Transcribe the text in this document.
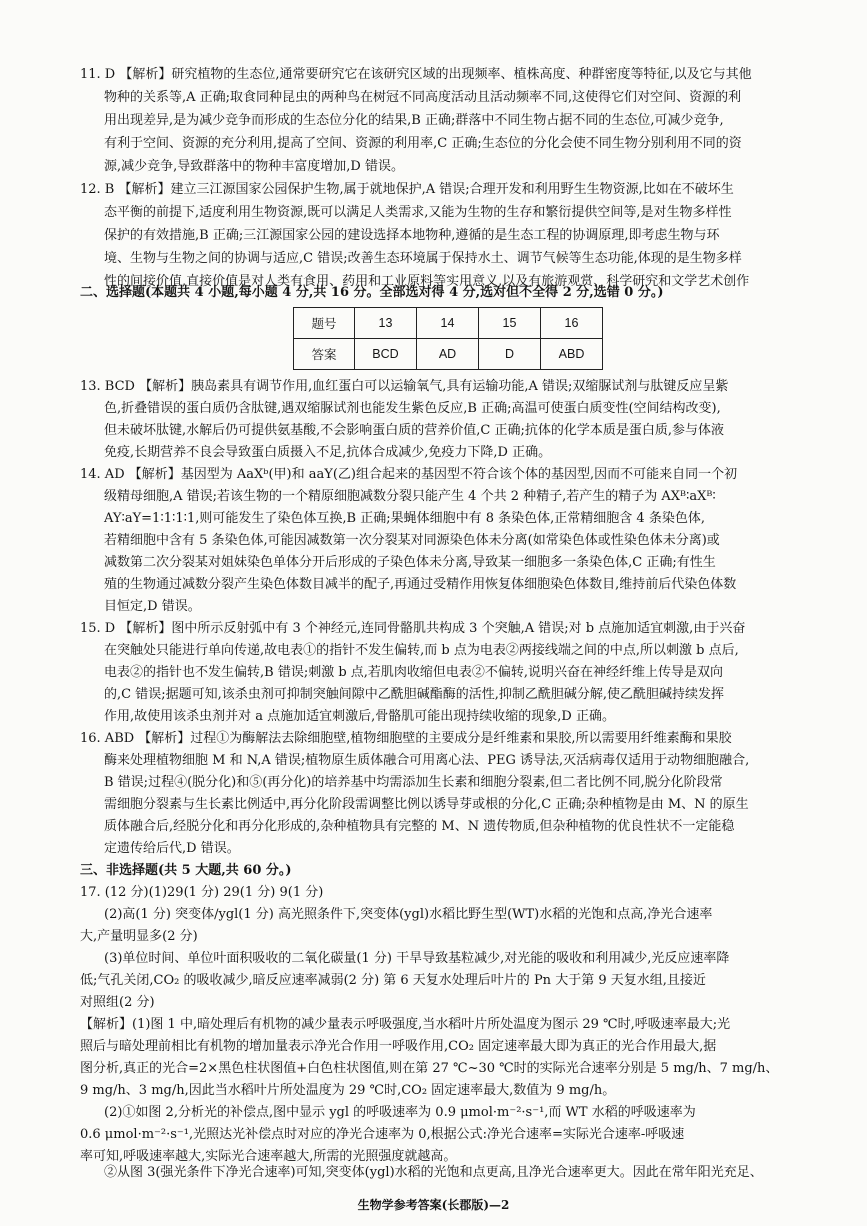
11. D 【解析】研究植物的生态位,通常要研究它在该研究区域的出现频率、植株高度、种群密度等特征,以及它与其他
物种的关系等,A 正确;取食同种昆虫的两种鸟在树冠不同高度活动且活动频率不同,这使得它们对空间、资源的利
用出现差异,是为减少竞争而形成的生态位分化的结果,B 正确;群落中不同生物占据不同的生态位,可减少竞争,
有利于空间、资源的充分利用,提高了空间、资源的利用率,C 正确;生态位的分化会使不同生物分别利用不同的资
源,减少竞争,导致群落中的物种丰富度增加,D 错误。
12. B 【解析】建立三江源国家公园保护生物,属于就地保护,A 错误;合理开发和利用野生生物资源,比如在不破坏生
态平衡的前提下,适度利用生物资源,既可以满足人类需求,又能为生物的生存和繁衍提供空间等,是对生物多样性
保护的有效措施,B 正确;三江源国家公园的建设选择本地物种,遵循的是生态工程的协调原理,即考虑生物与环
境、生物与生物之间的协调与适应,C 错误;改善生态环境属于保持水土、调节气候等生态功能,体现的是生物多样
性的间接价值,直接价值是对人类有食用、药用和工业原料等实用意义,以及有旅游观赏、科学研究和文学艺术创作
二、选择题(本题共 4 小题,每小题 4 分,共 16 分。全部选对得 4 分,选对但不全得 2 分,选错 0 分。)
题号	13	14	15	16
答案	BCD	AD	D	ABD
13. BCD 【解析】胰岛素具有调节作用,血红蛋白可以运输氧气,具有运输功能,A 错误;双缩脲试剂与肽键反应呈紫
色,折叠错误的蛋白质仍含肽键,遇双缩脲试剂也能发生紫色反应,B 正确;高温可使蛋白质变性(空间结构改变),
但未破坏肽键,水解后仍可提供氨基酸,不会影响蛋白质的营养价值,C 正确;抗体的化学本质是蛋白质,参与体液
免疫,长期营养不良会导致蛋白质摄入不足,抗体合成减少,免疫力下降,D 正确。
14. AD 【解析】基因型为 AaXᵇ(甲)和 aaY(乙)组合起来的基因型不符合该个体的基因型,因而不可能来自同一个初
级精母细胞,A 错误;若该生物的一个精原细胞减数分裂只能产生 4 个共 2 种精子,若产生的精子为 AXᴮ∶aXᴮ∶
AY∶aY=1∶1∶1∶1,则可能发生了染色体互换,B 正确;果蝇体细胞中有 8 条染色体,正常精细胞含 4 条染色体,
若精细胞中含有 5 条染色体,可能因减数第一次分裂某对同源染色体未分离(如常染色体或性染色体未分离)或
减数第二次分裂某对姐妹染色单体分开后形成的子染色体未分离,导致某一细胞多一条染色体,C 正确;有性生
殖的生物通过减数分裂产生染色体数目减半的配子,再通过受精作用恢复体细胞染色体数目,维持前后代染色体数
目恒定,D 错误。
15. D 【解析】图中所示反射弧中有 3 个神经元,连同骨骼肌共构成 3 个突触,A 错误;对 b 点施加适宜刺激,由于兴奋
在突触处只能进行单向传递,故电表①的指针不发生偏转,而 b 点为电表②两接线端之间的中点,所以刺激 b 点后,
电表②的指针也不发生偏转,B 错误;刺激 b 点,若肌肉收缩但电表②不偏转,说明兴奋在神经纤维上传导是双向
的,C 错误;据题可知,该杀虫剂可抑制突触间隙中乙酰胆碱酯酶的活性,抑制乙酰胆碱分解,使乙酰胆碱持续发挥
作用,故使用该杀虫剂并对 a 点施加适宜刺激后,骨骼肌可能出现持续收缩的现象,D 正确。
16. ABD 【解析】过程①为酶解法去除细胞壁,植物细胞壁的主要成分是纤维素和果胶,所以需要用纤维素酶和果胶
酶来处理植物细胞 M 和 N,A 错误;植物原生质体融合可用离心法、PEG 诱导法,灭活病毒仅适用于动物细胞融合,
B 错误;过程④(脱分化)和⑤(再分化)的培养基中均需添加生长素和细胞分裂素,但二者比例不同,脱分化阶段常
需细胞分裂素与生长素比例适中,再分化阶段需调整比例以诱导芽或根的分化,C 正确;杂种植物是由 M、N 的原生
质体融合后,经脱分化和再分化形成的,杂种植物具有完整的 M、N 遗传物质,但杂种植物的优良性状不一定能稳
定遗传给后代,D 错误。
三、非选择题(共 5 大题,共 60 分。)
17. (12 分)(1)29(1 分) 29(1 分) 9(1 分)
(2)高(1 分) 突变体/ygl(1 分) 高光照条件下,突变体(ygl)水稻比野生型(WT)水稻的光饱和点高,净光合速率
大,产量明显多(2 分)
(3)单位时间、单位叶面积吸收的二氧化碳量(1 分) 干旱导致基粒减少,对光能的吸收和利用减少,光反应速率降
低;气孔关闭,CO₂ 的吸收减少,暗反应速率减弱(2 分) 第 6 天复水处理后叶片的 Pn 大于第 9 天复水组,且接近
对照组(2 分)
【解析】(1)图 1 中,暗处理后有机物的减少量表示呼吸强度,当水稻叶片所处温度为图示 29 ℃时,呼吸速率最大;光
照后与暗处理前相比有机物的增加量表示净光合作用一呼吸作用,CO₂ 固定速率最大即为真正的光合作用最大,据
图分析,真正的光合=2×黑色柱状图值+白色柱状图值,则在第 27 ℃~30 ℃时的实际光合速率分别是 5 mg/h、7 mg/h、
9 mg/h、3 mg/h,因此当水稻叶片所处温度为 29 ℃时,CO₂ 固定速率最大,数值为 9 mg/h。
(2)①如图 2,分析光的补偿点,图中显示 ygl 的呼吸速率为 0.9 μmol·m⁻²·s⁻¹,而 WT 水稻的呼吸速率为
0.6 μmol·m⁻²·s⁻¹,光照达光补偿点时对应的净光合速率为 0,根据公式:净光合速率=实际光合速率-呼吸速
率可知,呼吸速率越大,实际光合速率越大,所需的光照强度就越高。
②从图 3(强光条件下净光合速率)可知,突变体(ygl)水稻的光饱和点更高,且净光合速率更大。因此在常年阳光充足、
生物学参考答案(长郡版)—2
